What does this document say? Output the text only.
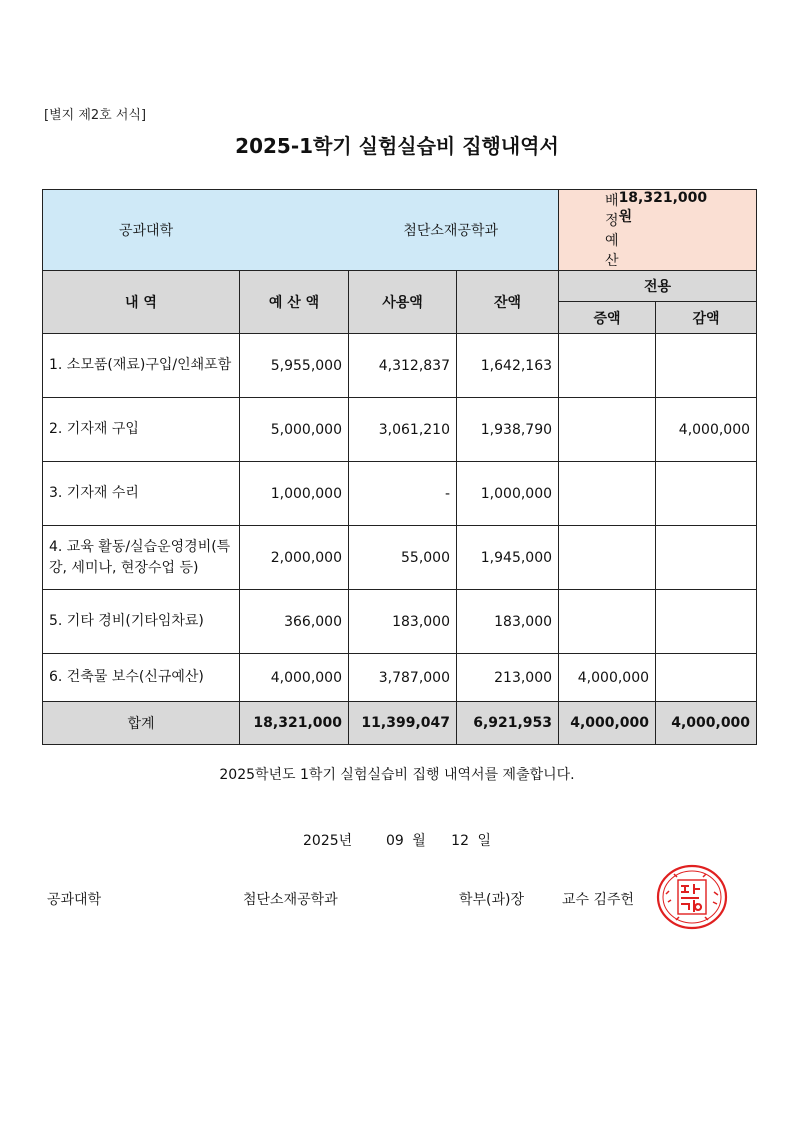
[별지 제2호 서식]
2025-1학기 실험실습비 집행내역서
공과대학 첨단소재공학과				배정예산
18,321,000 원	

내 역	예 산 액	사용액	잔액	전용	
				증액	감액
1. 소모품(재료)구입/인쇄포함	5,955,000	4,312,837	1,642,163		
2. 기자재 구입	5,000,000	3,061,210	1,938,790		4,000,000
3. 기자재 수리	1,000,000	-	1,000,000		
4. 교육 활동/실습운영경비(특강, 세미나, 현장수업 등)	2,000,000	55,000	1,945,000		
5. 기타 경비(기타임차료)	366,000	183,000	183,000		
6. 건축물 보수(신규예산)	4,000,000	3,787,000	213,000	4,000,000	
합계	18,321,000	11,399,047	6,921,953	4,000,000	4,000,000
2025학년도 1학기 실험실습비 집행 내역서를 제출합니다.
2025년 09 월 12 일
공과대학	첨단소재공학과	학부(과)장	교수 김주헌
